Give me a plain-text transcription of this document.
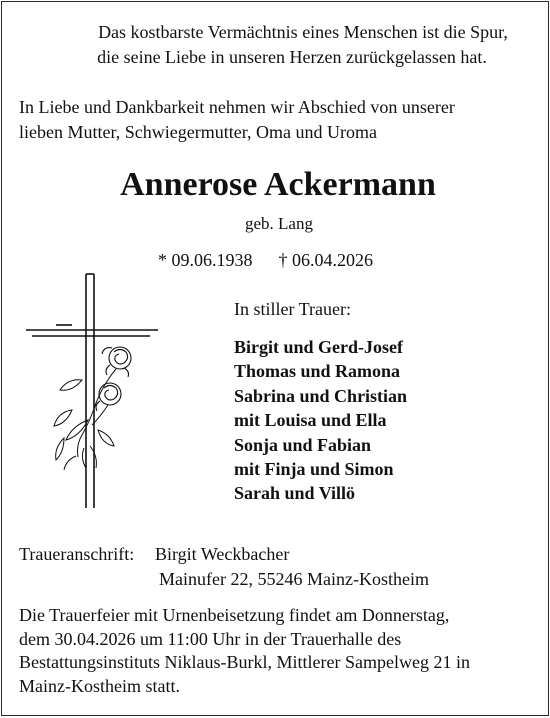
Das kostbarste Vermächtnis eines Menschen ist die Spur,
die seine Liebe in unseren Herzen zurückgelassen hat.
In Liebe und Dankbarkeit nehmen wir Abschied von unserer
lieben Mutter, Schwiegermutter, Oma und Uroma
Annerose Ackermann
geb. Lang
* 09.06.1938 † 06.04.2026
In stiller Trauer:
Birgit und Gerd-Josef
Thomas und Ramona
Sabrina und Christian
mit Louisa und Ella
Sonja und Fabian
mit Finja und Simon
Sarah und Villö
Traueranschrift: Birgit Weckbacher
Mainufer 22, 55246 Mainz-Kostheim
Die Trauerfeier mit Urnenbeisetzung findet am Donnerstag,
dem 30.04.2026 um 11:00 Uhr in der Trauerhalle des
Bestattungsinstituts Niklaus-Burkl, Mittlerer Sampelweg 21 in
Mainz-Kostheim statt.
